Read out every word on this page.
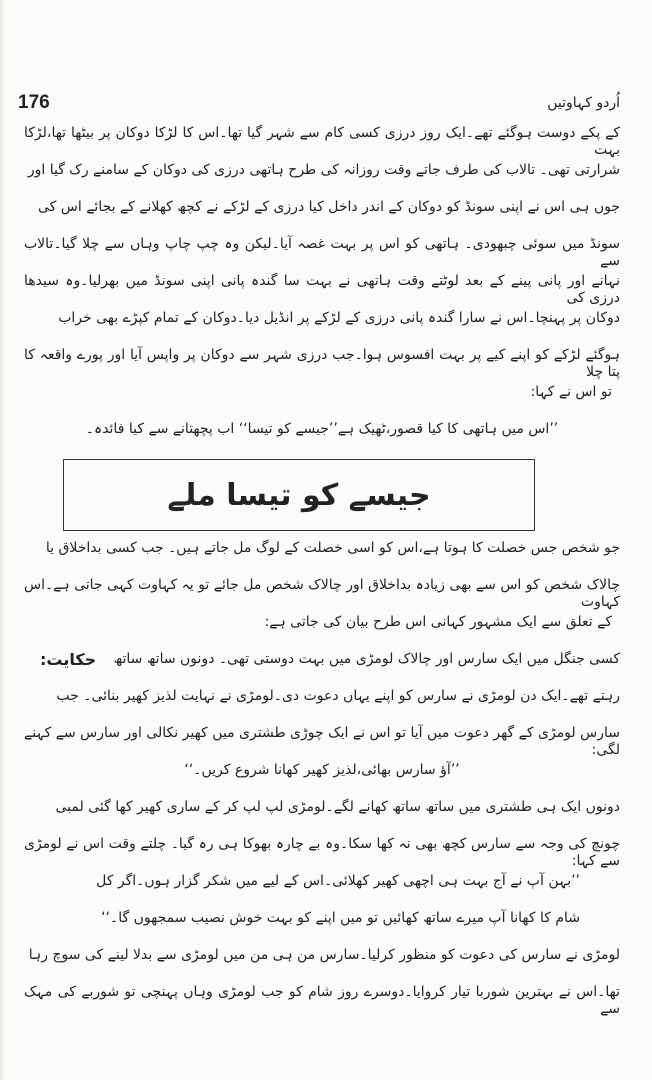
176	اُردو کہاوتیں
کے پکے دوست ہوگئے تھے۔ایک روز درزی کسی کام سے شہر گیا تھا۔اس کا لڑکا دوکان پر بیٹھا تھا،لڑکا بہت
شرارتی تھی۔ تالاب کی طرف جاتے وقت روزانہ کی طرح ہاتھی درزی کی دوکان کے سامنے رک گیا اور
جوں ہی اس نے اپنی سونڈ کو دوکان کے اندر داخل کیا درزی کے لڑکے نے کچھ کھلانے کے بجائے اس کی
سونڈ میں سوئی چبھودی۔ ہاتھی کو اس پر بہت غصہ آیا۔لیکن وہ چپ چاپ وہاں سے چلا گیا۔تالاب سے
نہانے اور پانی پینے کے بعد لوٹتے وقت ہاتھی نے بہت سا گندہ پانی اپنی سونڈ میں بھرلیا۔وہ سیدھا درزی کی
دوکان پر پہنچا۔اس نے سارا گندہ پانی درزی کے لڑکے پر انڈیل دیا۔دوکان کے تمام کپڑے بھی خراب
ہوگئے لڑکے کو اپنے کیے پر بہت افسوس ہوا۔جب درزی شہر سے دوکان پر واپس آیا اور پورے واقعہ کا پتا چلا
تو اس نے کہا:
’’اس میں ہاتھی کا کیا قصور،ٹھیک ہے’’جیسے کو تیسا‘‘ اب پچھتانے سے کیا فائدہ۔
جیسے کو تیسا ملے
جو شخص جس خصلت کا ہوتا ہے،اس کو اسی خصلت کے لوگ مل جاتے ہیں۔ جب کسی بداخلاق یا
چالاک شخص کو اس سے بھی زیادہ بداخلاق اور چالاک شخص مل جائے تو یہ کہاوت کہی جاتی ہے۔اس کہاوت
کے تعلق سے ایک مشہور کہانی اس طرح بیان کی جاتی ہے:
حکایت:	کسی جنگل میں ایک سارس اور چالاک لومڑی میں بہت دوستی تھی۔ دونوں ساتھ ساتھ
رہتے تھے۔ایک دن لومڑی نے سارس کو اپنے یہاں دعوت دی۔لومڑی نے نہایت لذیز کھیر بنائی۔ جب
سارس لومڑی کے گھر دعوت میں آیا تو اس نے ایک چوڑی طشتری میں کھیر نکالی اور سارس سے کہنے لگی:
’’آؤ سارس بھائی،لذیز کھیر کھانا شروع کریں۔‘‘
دونوں ایک ہی طشتری میں ساتھ ساتھ کھانے لگے۔لومڑی لپ لپ کر کے ساری کھیر کھا گئی لمبی
چونچ کی وجہ سے سارس کچھ بھی نہ کھا سکا۔وہ بے چارہ بھوکا ہی رہ گیا۔ چلتے وقت اس نے لومڑی سے کہا:
’’بہن آپ نے آج بہت ہی اچھی کھیر کھلائی۔اس کے لیے میں شکر گزار ہوں۔اگر کل
شام کا کھانا آپ میرے ساتھ کھائیں تو میں اپنے کو بہت خوش نصیب سمجھوں گا۔‘‘
لومڑی نے سارس کی دعوت کو منظور کرلیا۔سارس من ہی من میں لومڑی سے بدلا لینے کی سوچ رہا
تھا۔اس نے بہترین شوربا تیار کروایا۔دوسرے روز شام کو جب لومڑی وہاں پہنچی تو شوربے کی مہک سے
